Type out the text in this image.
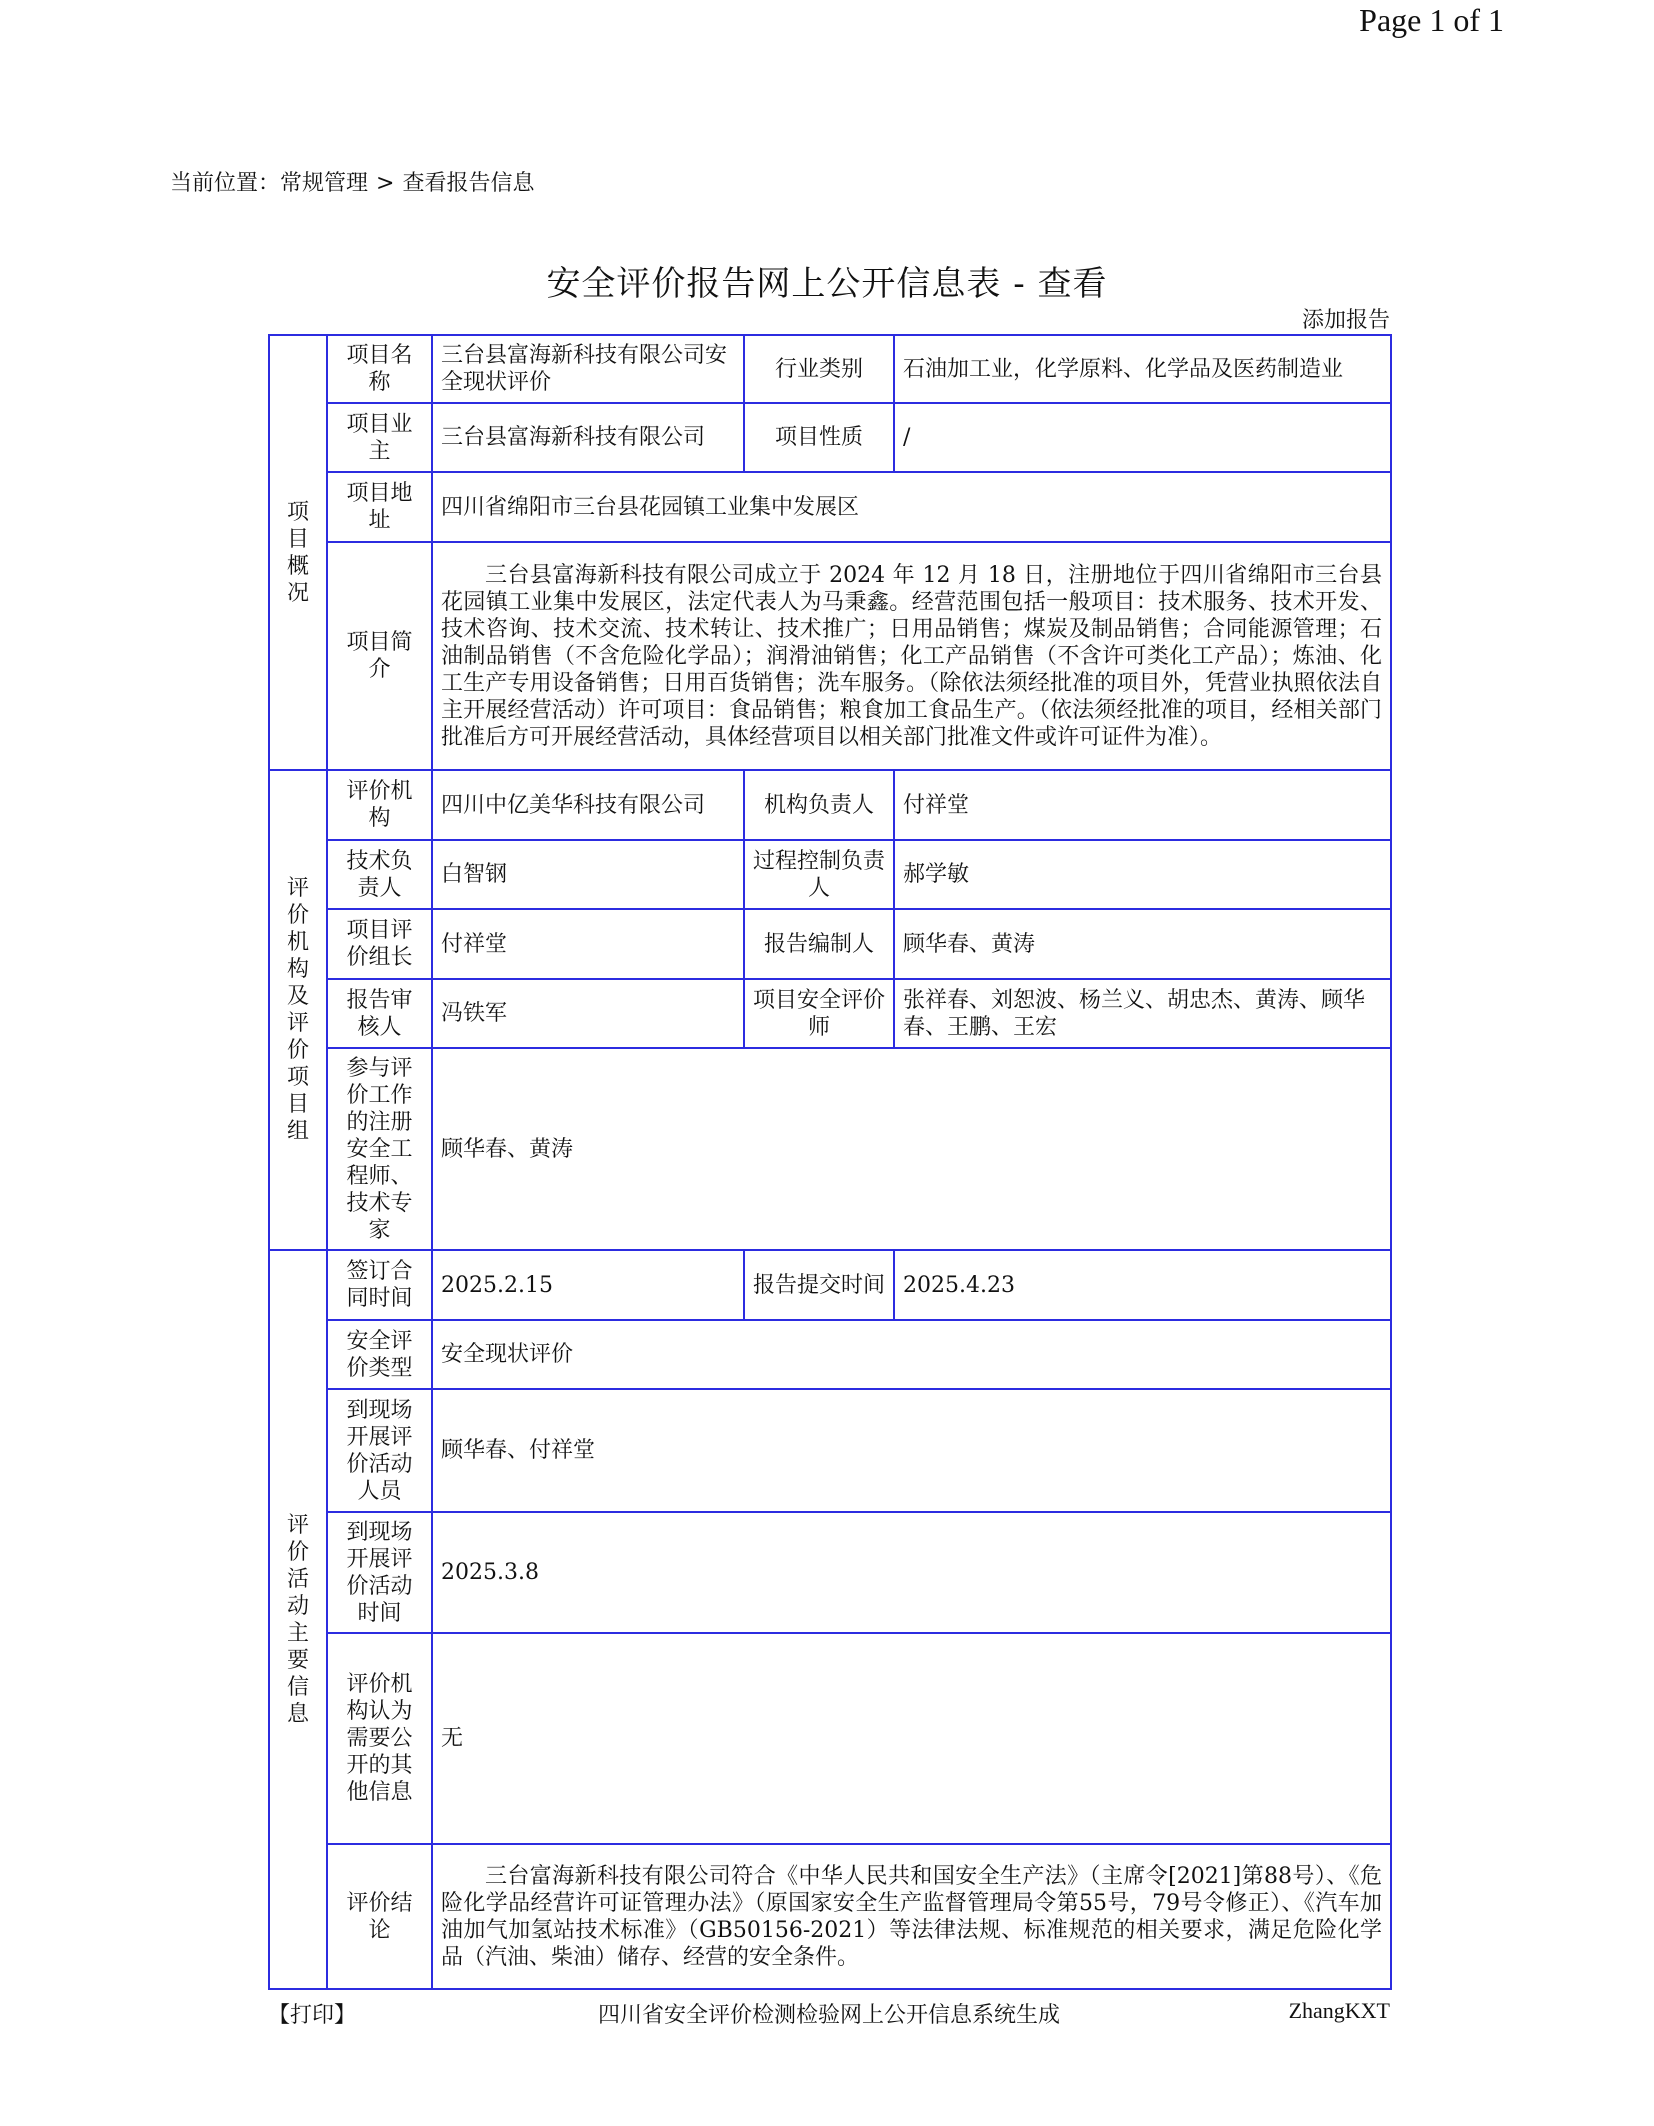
Page 1 of 1
当前位置：常规管理 > 查看报告信息
安全评价报告网上公开信息表 - 查看
添加报告
项目概况	项目名称	三台县富海新科技有限公司安全现状评价	行业类别	石油加工业，化学原料、化学品及医药制造业
	项目业主	三台县富海新科技有限公司	项目性质	/
	项目地址	四川省绵阳市三台县花园镇工业集中发展区		
	项目简介	三台县富海新科技有限公司成立于 2024 年 12 月 18 日，注册地位于四川省绵阳市三台县花园镇工业集中发展区，法定代表人为马秉鑫。经营范围包括一般项目：技术服务、技术开发、技术咨询、技术交流、技术转让、技术推广；日用品销售；煤炭及制品销售；合同能源管理；石油制品销售（不含危险化学品）；润滑油销售；化工产品销售（不含许可类化工产品）；炼油、化工生产专用设备销售；日用百货销售；洗车服务。（除依法须经批准的项目外，凭营业执照依法自主开展经营活动）许可项目：食品销售；粮食加工食品生产。（依法须经批准的项目，经相关部门批准后方可开展经营活动，具体经营项目以相关部门批准文件或许可证件为准）。		
评价机构及评价项目组	评价机构	四川中亿美华科技有限公司	机构负责人	付祥堂
	技术负责人	白智钢	过程控制负责人	郝学敏
	项目评价组长	付祥堂	报告编制人	顾华春、黄涛
	报告审核人	冯铁军	项目安全评价师	张祥春、刘恕波、杨兰义、胡忠杰、黄涛、顾华春、王鹏、王宏
	参与评价工作的注册安全工程师、技术专家	顾华春、黄涛		
评价活动主要信息	签订合同时间	2025.2.15	报告提交时间	2025.4.23
	安全评价类型	安全现状评价		
	到现场开展评价活动人员	顾华春、付祥堂		
	到现场开展评价活动时间	2025.3.8		
	评价机构认为需要公开的其他信息	无		
	评价结论	三台富海新科技有限公司符合《中华人民共和国安全生产法》（主席令[2021]第88号）、《危险化学品经营许可证管理办法》（原国家安全生产监督管理局令第55号，79号令修正）、《汽车加油加气加氢站技术标准》（GB50156-2021）等法律法规、标准规范的相关要求，满足危险化学品（汽油、柴油）储存、经营的安全条件。		
四川省安全评价检测检验网上公开信息系统生成
【打印】	ZhangKXT
